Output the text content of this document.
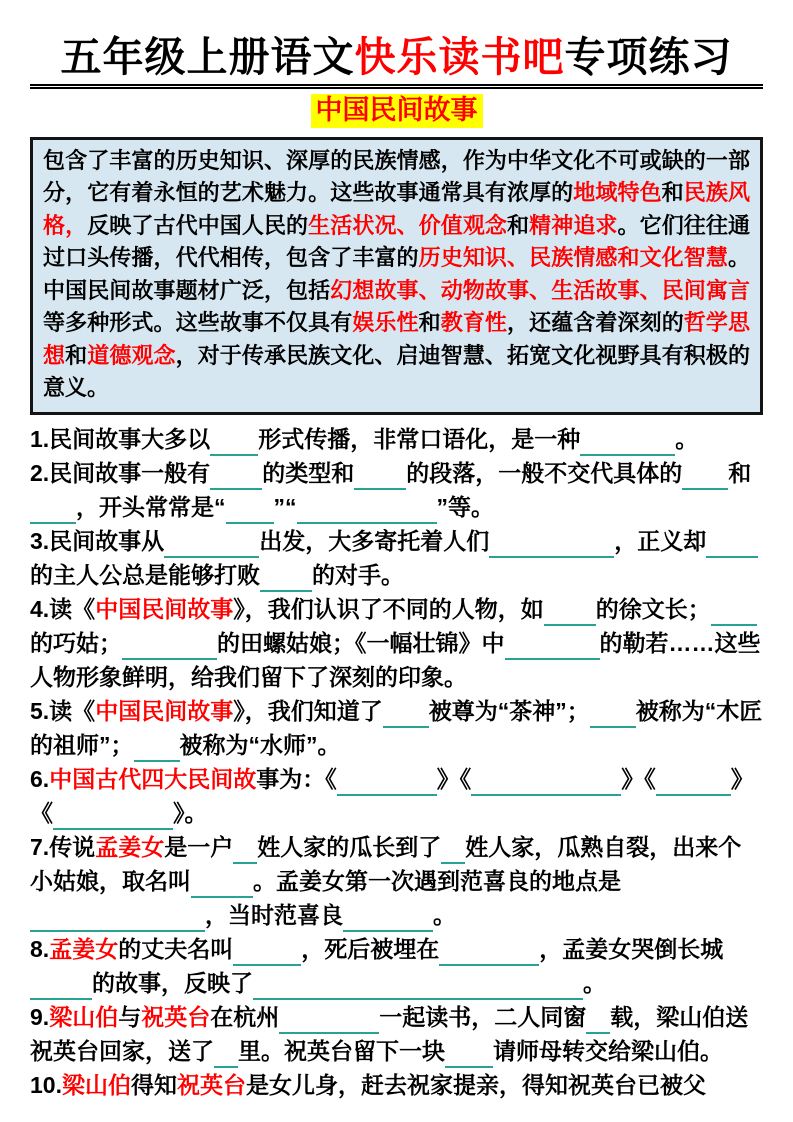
五年级上册语文快乐读书吧专项练习
中国民间故事
包含了丰富的历史知识、深厚的民族情感，作为中华文化不可或缺的一部分，它有着永恒的艺术魅力。这些故事通常具有浓厚的地域特色和民族风格，反映了古代中国人民的生活状况、价值观念和精神追求。它们往往通过口头传播，代代相传，包含了丰富的历史知识、民族情感和文化智慧。中国民间故事题材广泛，包括幻想故事、动物故事、生活故事、民间寓言等多种形式。这些故事不仅具有娱乐性和教育性，还蕴含着深刻的哲学思想和道德观念，对于传承民族文化、启迪智慧、拓宽文化视野具有积极的意义。
1.民间故事大多以 形式传播，非常口语化，是一种	。
2.民间故事一般有 的类型和 的段落，一般不交代具体的 和，开头常常是“ ”“	”等。
3.民间故事从	出发，大多寄托着人们	，正义却的主人公总是能够打败 的对手。
4.读《中国民间故事》，我们认识了不同的人物，如 的徐文长；的巧姑；	的田螺姑娘；《一幅壮锦》中	的勒若……这些人物形象鲜明，给我们留下了深刻的印象。
5.读《中国民间故事》，我们知道了 被尊为“茶神”； 被称为“木匠的祖师”； 被称为“水师”。
6.中国古代四大民间故事为：《	》《	》《	》《	》。
7.传说孟姜女是一户 姓人家的瓜长到了 姓人家，瓜熟自裂，出来个小姑娘，取名叫	。孟姜女第一次遇到范喜良的地点是，当时范喜良	。
8.孟姜女的丈夫名叫	，死后被埋在	，孟姜女哭倒长城的故事，反映了	。
9.梁山伯与祝英台在杭州	一起读书，二人同窗 载，梁山伯送祝英台回家，送了 里。祝英台留下一块 请师母转交给梁山伯。
10.梁山伯得知祝英台是女儿身，赶去祝家提亲，得知祝英台已被父
